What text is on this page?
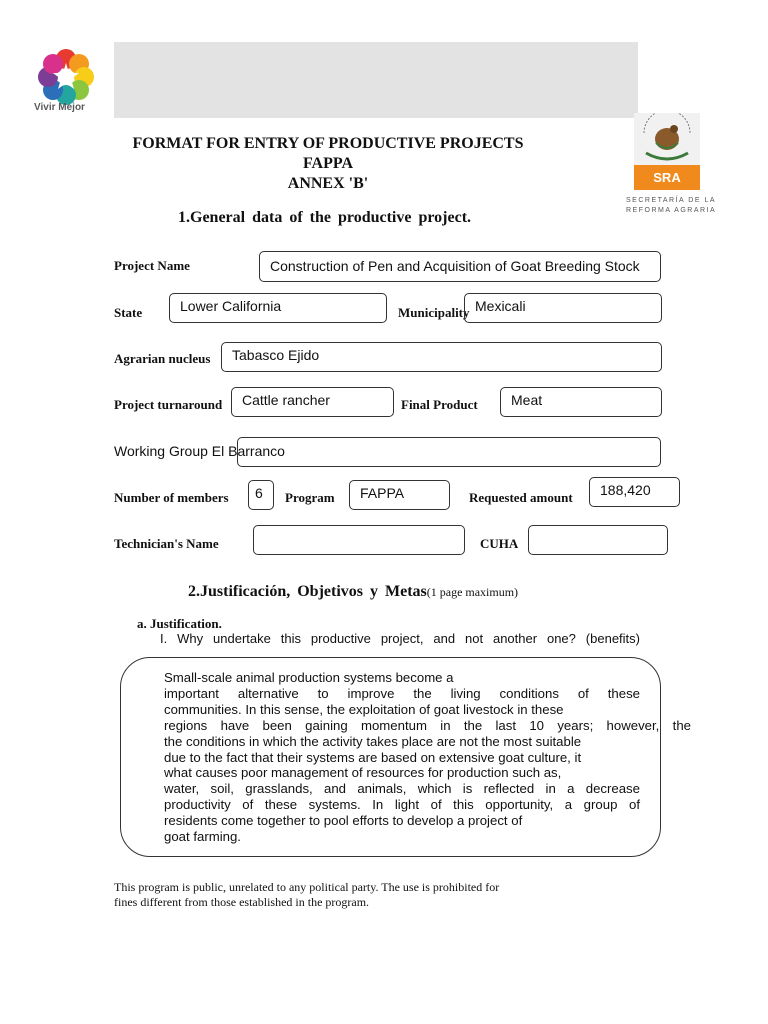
Vivir Mejor
SRA
SECRETARÍA DE LA
REFORMA AGRARIA
FORMAT FOR ENTRY OF PRODUCTIVE PROJECTS
FAPPA
ANNEX 'B'
1.General data of the productive project.
Project Name	Construction of Pen and Acquisition of Goat Breeding Stock
State	Lower California	Municipality Mexicali
Agrarian nucleus	Tabasco Ejido
Project turnaround	Cattle rancher	Final Product	Meat
Working Group El Barranco
Number of members	6	Program	FAPPA	Requested amount	188,420
Technician's Name	CUHA
2.Justificación, Objetivos y Metas(1 page maximum)
a. Justification.
I. Why undertake this productive project, and not another one? (benefits)
Small-scale animal production systems become a
important alternative to improve the living conditions of these
communities. In this sense, the exploitation of goat livestock in these
regions have been gaining momentum in the last 10 years; however, the
the conditions in which the activity takes place are not the most suitable
due to the fact that their systems are based on extensive goat culture, it
what causes poor management of resources for production such as,
water, soil, grasslands, and animals, which is reflected in a decrease
productivity of these systems. In light of this opportunity, a group of
residents come together to pool efforts to develop a project of
goat farming.
This program is public, unrelated to any political party. The use is prohibited for
fines different from those established in the program.
